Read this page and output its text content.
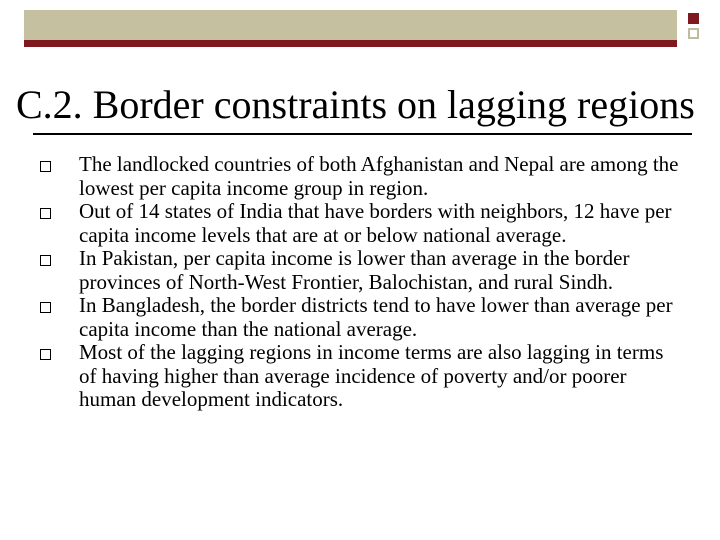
C.2. Border constraints on lagging regions
The landlocked countries of both Afghanistan and Nepal are among the lowest per capita income group in region.
Out of 14 states of India that have borders with neighbors, 12 have per capita income levels that are at or below national average.
In Pakistan, per capita income is lower than average in the border provinces of North-West Frontier, Balochistan, and rural Sindh.
In Bangladesh, the border districts tend to have lower than average per capita income than the national average.
Most of the lagging regions in income terms are also lagging in terms of having higher than average incidence of poverty and/or poorer human development indicators.
